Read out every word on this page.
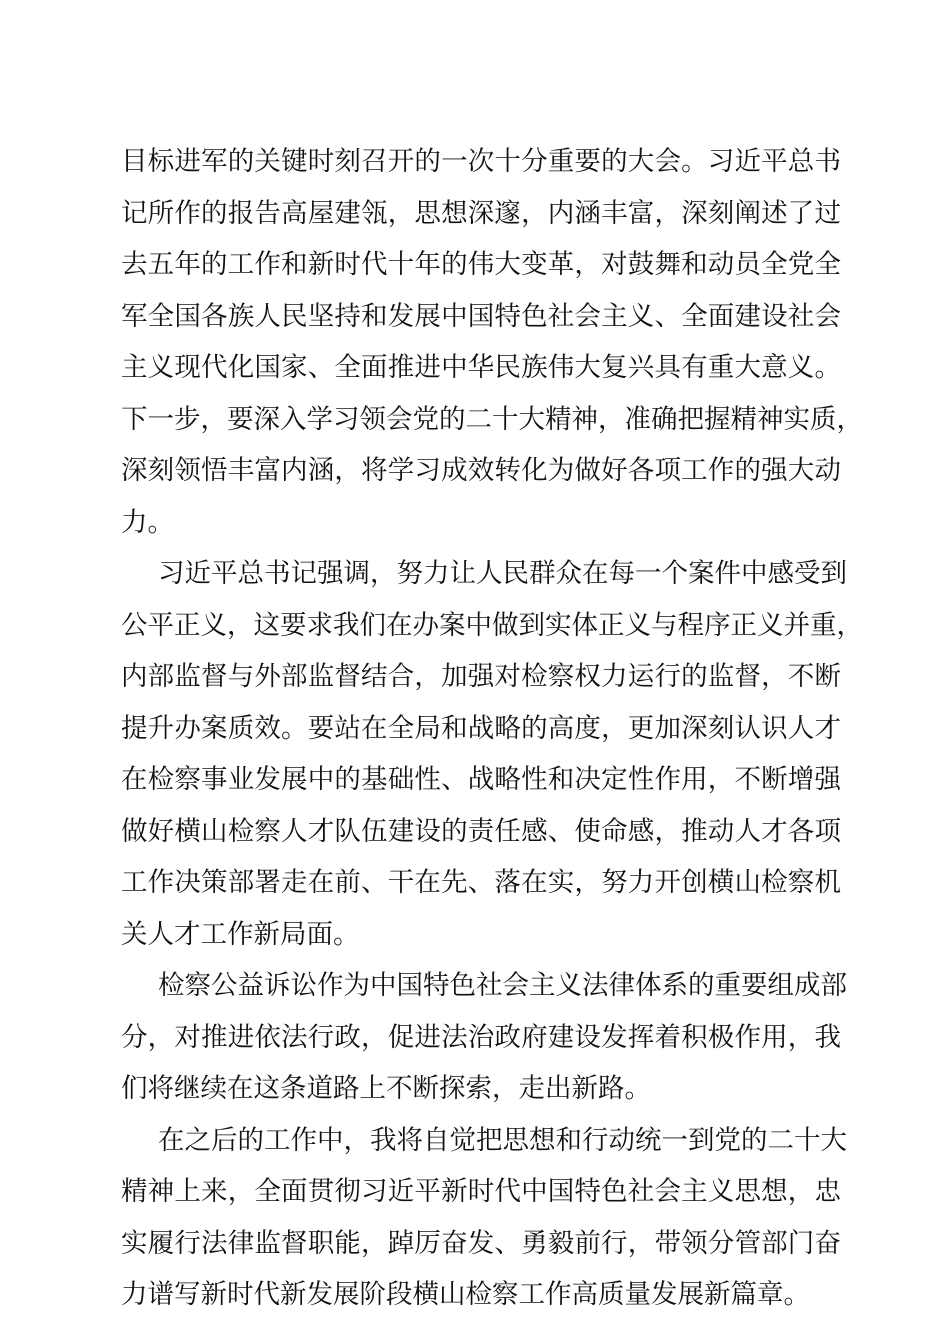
目 标 进 军 的 关 键 时 刻 召 开 的 一 次 十 分 重 要 的 大 会 。 习 近 平 总 书
记 所 作 的 报 告 高 屋 建 瓴 ， 思 想 深 邃 ， 内 涵 丰 富 ， 深 刻 阐 述 了 过
去 五 年 的 工 作 和 新 时 代 十 年 的 伟 大 变 革 ， 对 鼓 舞 和 动 员 全 党 全
军 全 国 各 族 人 民 坚 持 和 发 展 中 国 特 色 社 会 主 义 、 全 面 建 设 社 会
主 义 现 代 化 国 家 、 全 面 推 进 中 华 民 族 伟 大 复 兴 具 有 重 大 意 义 。
下 一 步 ， 要 深 入 学 习 领 会 党 的 二 十 大 精 神 ， 准 确 把 握 精 神 实 质 ，
深 刻 领 悟 丰 富 内 涵 ， 将 学 习 成 效 转 化 为 做 好 各 项 工 作 的 强 大 动
力。
习 近 平 总 书 记 强 调 ， 努 力 让 人 民 群 众 在 每 一 个 案 件 中 感 受 到
公 平 正 义 ， 这 要 求 我 们 在 办 案 中 做 到 实 体 正 义 与 程 序 正 义 并 重 ，
内 部 监 督 与 外 部 监 督 结 合 ， 加 强 对 检 察 权 力 运 行 的 监 督 ， 不 断
提 升 办 案 质 效 。 要 站 在 全 局 和 战 略 的 高 度 ， 更 加 深 刻 认 识 人 才
在 检 察 事 业 发 展 中 的 基 础 性 、 战 略 性 和 决 定 性 作 用 ， 不 断 增 强
做 好 横 山 检 察 人 才 队 伍 建 设 的 责 任 感 、 使 命 感 ， 推 动 人 才 各 项
工 作 决 策 部 署 走 在 前 、 干 在 先 、 落 在 实 ， 努 力 开 创 横 山 检 察 机
关人才工作新局面。
检 察 公 益 诉 讼 作 为 中 国 特 色 社 会 主 义 法 律 体 系 的 重 要 组 成 部
分 ， 对 推 进 依 法 行 政 ， 促 进 法 治 政 府 建 设 发 挥 着 积 极 作 用 ， 我
们将继续在这条道路上不断探索，走出新路。
在 之 后 的 工 作 中 ， 我 将 自 觉 把 思 想 和 行 动 统 一 到 党 的 二 十 大
精 神 上 来 ， 全 面 贯 彻 习 近 平 新 时 代 中 国 特 色 社 会 主 义 思 想 ， 忠
实 履 行 法 律 监 督 职 能 ， 踔 厉 奋 发 、 勇 毅 前 行 ， 带 领 分 管 部 门 奋
力谱写新时代新发展阶段横山检察工作高质量发展新篇章。
